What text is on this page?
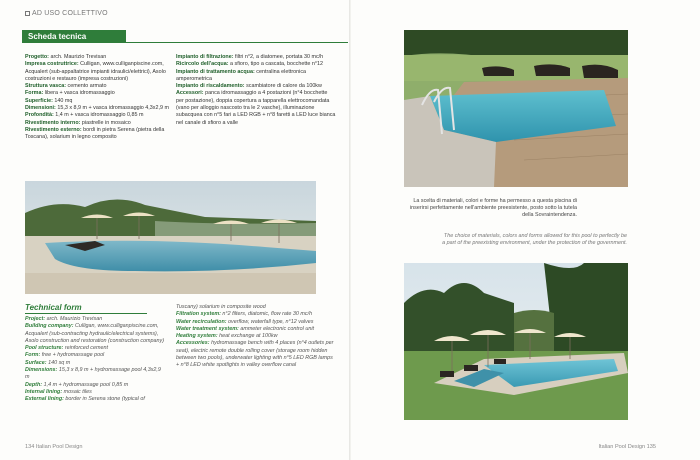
AD USO COLLETTIVO
Scheda tecnica

Progetto: arch. Maurizio Trevisan

Impresa costruttrice: Culligan, www.culliganpiscine.com, Acqualert (sub-appaltatrice impianti idraulici/elettrici), Asolo costruzioni e restauro (impresa costruzioni)

Struttura vasca: cemento armato

Forma: libera + vasca idromassaggio

Superficie: 140 mq

Dimensioni: 15,3 x 8,9 m + vasca idromassaggio 4,3x2,9 m

Profondità: 1,4 m + vasca idromassaggio 0,85 m

Rivestimento interno: piastrelle in mosaico

Rivestimento esterno: bordi in pietra Serena (pietra della Toscana), solarium in legno composito

Impianto di filtrazione: filtri n°2, a diatomee, portata 30 mc/h

Ricircolo dell'acqua: a sfioro, tipo a cascata, bocchette n°12

Impianto di trattamento acqua: centralina elettronica amperometrica

Impianto di riscaldamento: scambiatore di calore da 100kw

Accessori: panca idromassaggio a 4 postazioni (n°4 bocchette per postazione), doppia copertura a tapparella elettrocomandata (vano per alloggio nascosto tra le 2 vasche), illuminazione subacquea con n°5 fari a LED RGB + n°8 faretti a LED luce bianca nel canale di sfioro a valle

Technical form

Project: arch. Maurizio Trevisan

Building company: Culligan, www.culliganpiscine.com, Acqualert (sub-contracting hydraulic/electrical systems), Asolo construction and restoration (construction company)

Pool structure: reinforced cement

Form: free + hydromassage pool

Surface: 140 sq m

Dimensions: 15,3 x 8,9 m + hydromassage pool 4,3x2,9 m

Depth: 1,4 m + hydromassage pool 0,85 m

Internal lining: mosaic tiles

External lining: border in Serena stone (typical of

Tuscany) solarium in composite wood

Filtration system: n°2 filters, diatomic, flow rate 30 mc/h

Water recirculation: overflow, waterfall type, n°12 valves

Water treatment system: ammeter electronic control unit

Heating system: heat exchange at 100kw

Accessories: hydromassage bench with 4 places (n°4 outlets per seat), electric remote double rolling cover (storage room hidden between two pools), underwater lighting with n°5 LED RGB lamps + n°8 LED white spotlights in valley overflow canal

La scelta di materiali, colori e forme ha permesso a questa piscina di inserirsi perfettamente nell'ambiente preesistente, posto sotto la tutela della Sovraintendenza.
The choice of materials, colors and forms allowed for this pool to perfectly be a part of the preexisting environment, under the protection of the government.
134 Italian Pool Design	Italian Pool Design 135
